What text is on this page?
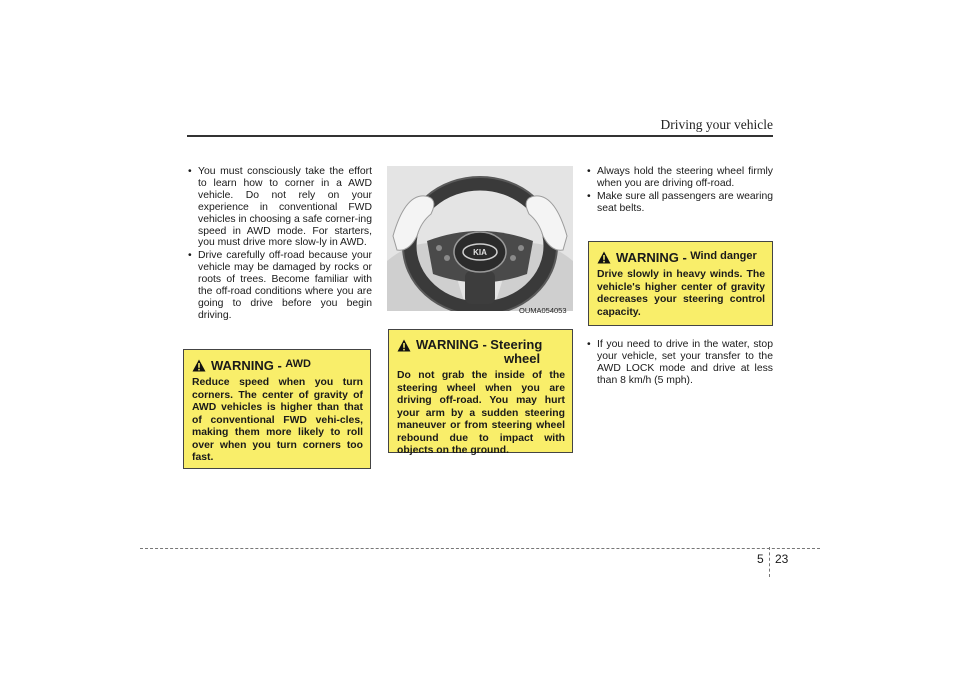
Driving your vehicle
• You must consciously take the effort to learn how to corner in a AWD vehicle. Do not rely on your experience in conventional FWD vehicles in choosing a safe corner-ing speed in AWD mode. For starters, you must drive more slow-ly in AWD.
• Drive carefully off-road because your vehicle may be damaged by rocks or roots of trees. Become familiar with the off-road conditions where you are going to drive before you begin driving.
WARNING -
AWD
Reduce speed when you turn corners. The center of gravity of AWD vehicles is higher than that of conventional FWD vehi-cles, making them more likely to roll over when you turn corners too fast.
KIA
OUMA054053
WARNING - Steering
wheel
Do not grab the inside of the steering wheel when you are driving off-road. You may hurt your arm by a sudden steering maneuver or from steering wheel rebound due to impact with objects on the ground.
• Always hold the steering wheel firmly when you are driving off-road.
• Make sure all passengers are wearing seat belts.
WARNING -
Wind danger
Drive slowly in heavy winds. The vehicle's higher center of gravity decreases your steering control capacity.
• If you need to drive in the water, stop your vehicle, set your transfer to the AWD LOCK mode and drive at less than 8 km/h (5 mph).
5 23
